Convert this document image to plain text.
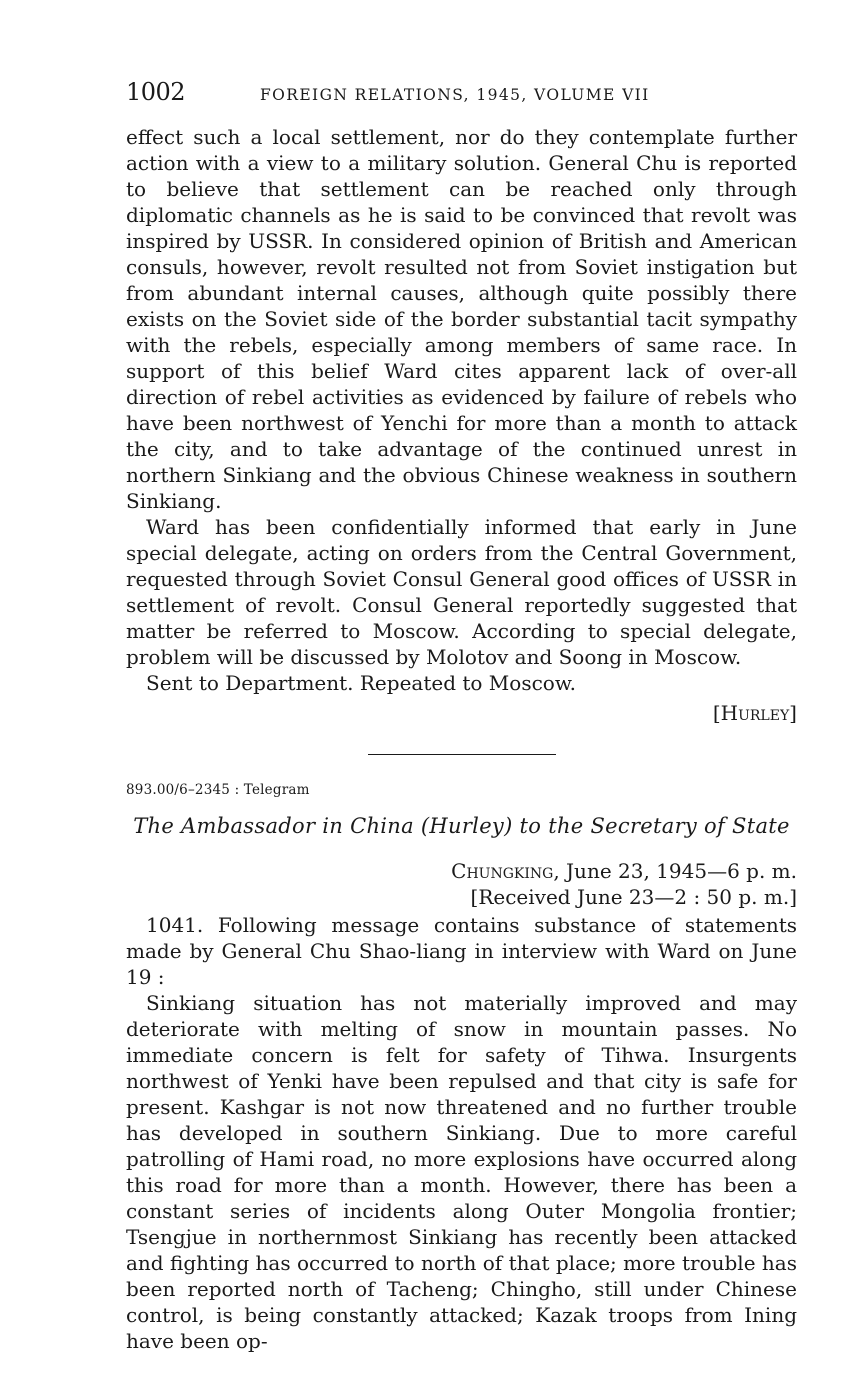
1002	FOREIGN RELATIONS, 1945, VOLUME VII

effect such a local settlement, nor do they contemplate further action with a view to a military solution. General Chu is reported to believe that settlement can be reached only through diplomatic channels as he is said to be convinced that revolt was inspired by USSR. In considered opinion of British and American consuls, however, revolt resulted not from Soviet instigation but from abundant internal causes, although quite possibly there exists on the Soviet side of the border substantial tacit sympathy with the rebels, especially among members of same race. In support of this belief Ward cites apparent lack of over-all direction of rebel activities as evidenced by failure of rebels who have been northwest of Yenchi for more than a month to attack the city, and to take advantage of the continued unrest in northern Sinkiang and the obvious Chinese weakness in southern Sinkiang.

Ward has been confidentially informed that early in June special delegate, acting on orders from the Central Government, requested through Soviet Consul General good offices of USSR in settlement of revolt. Consul General reportedly suggested that matter be referred to Moscow. According to special delegate, problem will be discussed by Molotov and Soong in Moscow.

Sent to Department. Repeated to Moscow.

[Hurley]
893.00/6–2345 : Telegram
The Ambassador in China (Hurley) to the Secretary of State
Chungking, June 23, 1945—6 p. m.
[Received June 23—2 : 50 p. m.]

1041. Following message contains substance of statements made by General Chu Shao-liang in interview with Ward on June 19 :

Sinkiang situation has not materially improved and may deteriorate with melting of snow in mountain passes. No immediate concern is felt for safety of Tihwa. Insurgents northwest of Yenki have been repulsed and that city is safe for present. Kashgar is not now threatened and no further trouble has developed in southern Sinkiang. Due to more careful patrolling of Hami road, no more explosions have occurred along this road for more than a month. However, there has been a constant series of incidents along Outer Mongolia frontier; Tsengjue in northernmost Sinkiang has recently been attacked and fighting has occurred to north of that place; more trouble has been reported north of Tacheng; Chingho, still under Chinese control, is being constantly attacked; Kazak troops from Ining have been op-
